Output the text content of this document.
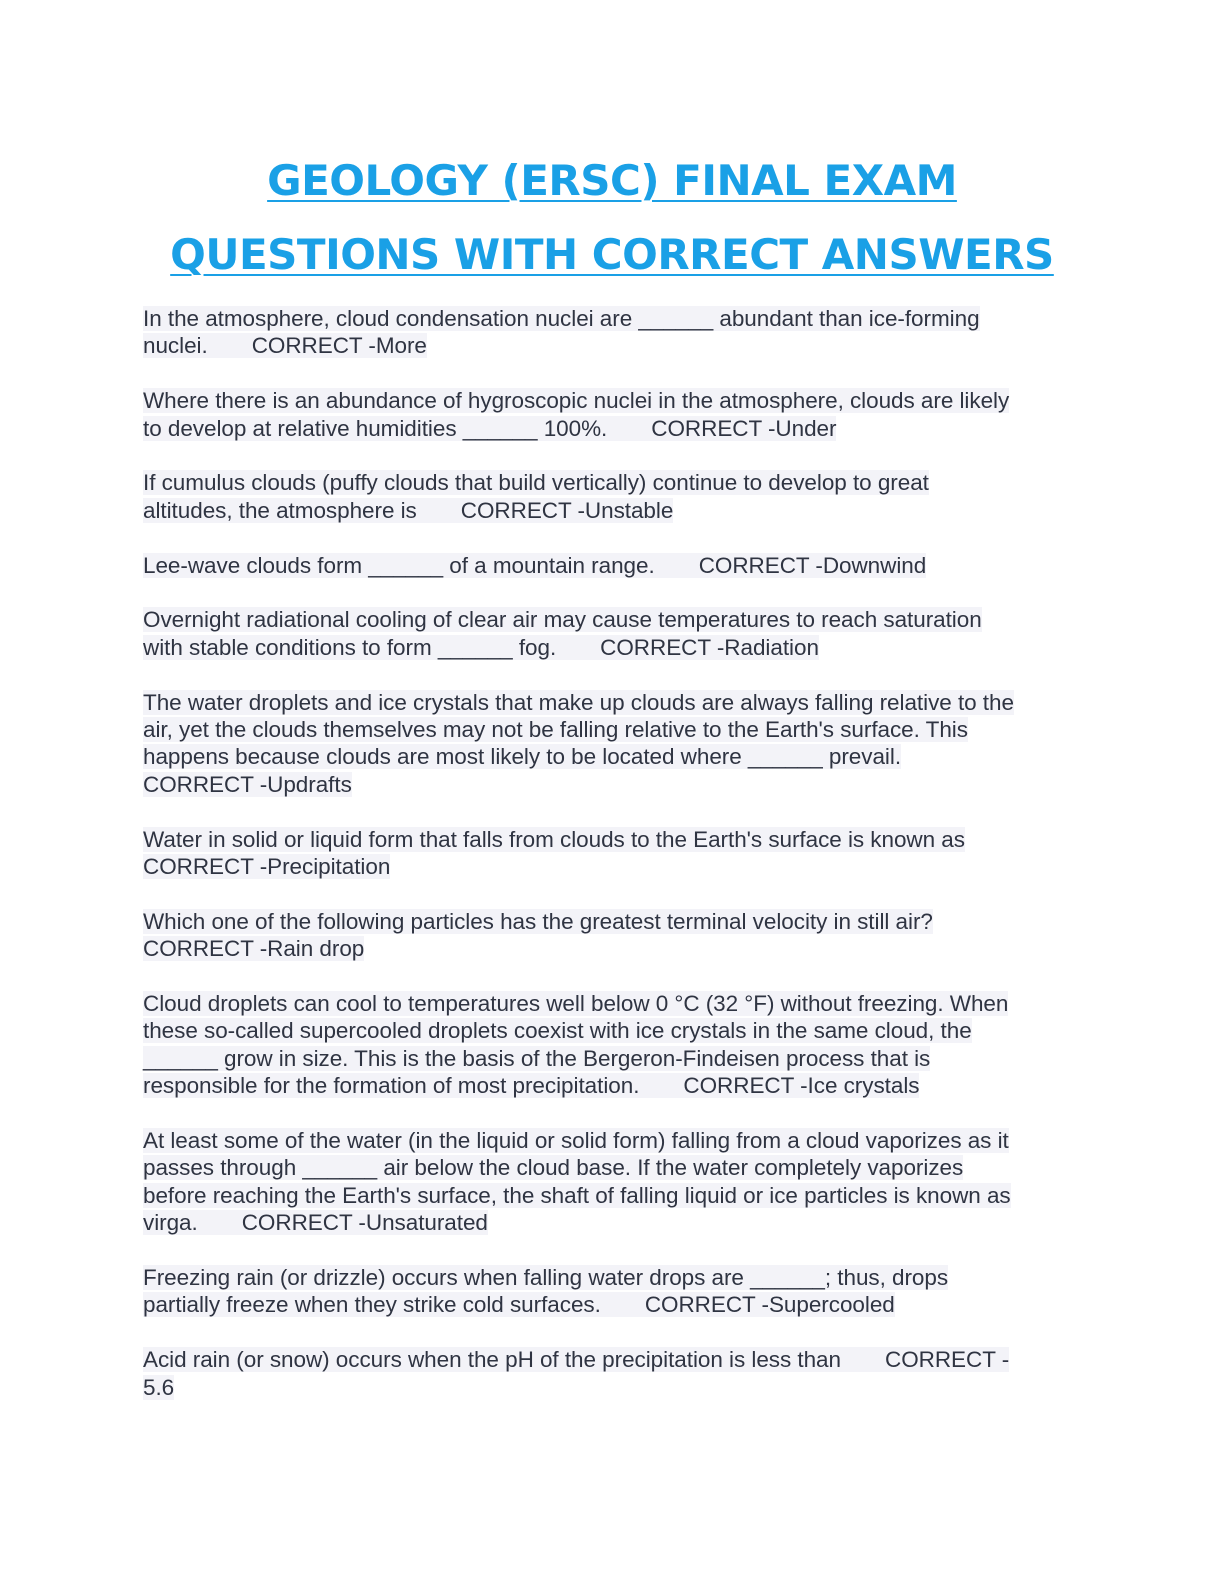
GEOLOGY (ERSC) FINAL EXAM
QUESTIONS WITH CORRECT ANSWERS
In the atmosphere, cloud condensation nuclei are ______ abundant than ice-forming
nuclei. CORRECT -More
Where there is an abundance of hygroscopic nuclei in the atmosphere, clouds are likely
to develop at relative humidities ______ 100%. CORRECT -Under
If cumulus clouds (puffy clouds that build vertically) continue to develop to great
altitudes, the atmosphere is CORRECT -Unstable
Lee-wave clouds form ______ of a mountain range. CORRECT -Downwind
Overnight radiational cooling of clear air may cause temperatures to reach saturation
with stable conditions to form ______ fog. CORRECT -Radiation
The water droplets and ice crystals that make up clouds are always falling relative to the
air, yet the clouds themselves may not be falling relative to the Earth's surface. This
happens because clouds are most likely to be located where ______ prevail.
CORRECT -Updrafts
Water in solid or liquid form that falls from clouds to the Earth's surface is known as
CORRECT -Precipitation
Which one of the following particles has the greatest terminal velocity in still air?
CORRECT -Rain drop
Cloud droplets can cool to temperatures well below 0 °C (32 °F) without freezing. When
these so-called supercooled droplets coexist with ice crystals in the same cloud, the
______ grow in size. This is the basis of the Bergeron-Findeisen process that is
responsible for the formation of most precipitation. CORRECT -Ice crystals
At least some of the water (in the liquid or solid form) falling from a cloud vaporizes as it
passes through ______ air below the cloud base. If the water completely vaporizes
before reaching the Earth's surface, the shaft of falling liquid or ice particles is known as
virga. CORRECT -Unsaturated
Freezing rain (or drizzle) occurs when falling water drops are ______; thus, drops
partially freeze when they strike cold surfaces. CORRECT -Supercooled
Acid rain (or snow) occurs when the pH of the precipitation is less than CORRECT -
5.6
